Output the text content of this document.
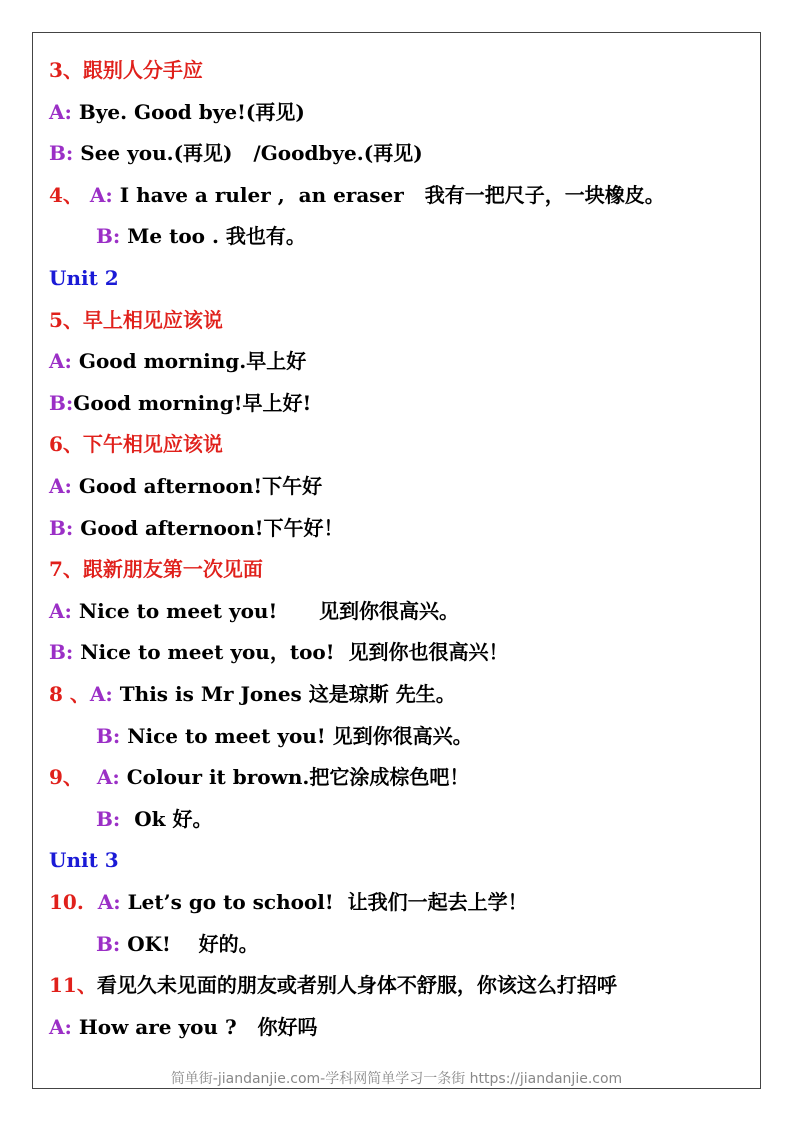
3、跟别人分手应
A: Bye. Good bye!(再见)
B: See you.(再见)   /Goodbye.(再见)
4、 A: I have a ruler ,  an eraser   我有一把尺子，一块橡皮。
B: Me too . 我也有。
Unit 2
5、早上相见应该说
A: Good morning.早上好
B:Good morning!早上好!
6、下午相见应该说
A: Good afternoon!下午好
B: Good afternoon!下午好！
7、跟新朋友第一次见面
A: Nice to meet you!      见到你很高兴。
B: Nice to meet you，too!  见到你也很高兴！
8 、A: This is Mr Jones 这是琼斯 先生。
B: Nice to meet you! 见到你很高兴。
9、  A: Colour it brown.把它涂成棕色吧！
B:  Ok 好。
Unit 3
10.  A: Let’s go to school!  让我们一起去上学！
B: OK!    好的。
11、看见久未见面的朋友或者别人身体不舒服，你该这么打招呼
A: How are you ?   你好吗
简单街-jiandanjie.com-学科网简单学习一条街 https://jiandanjie.com
